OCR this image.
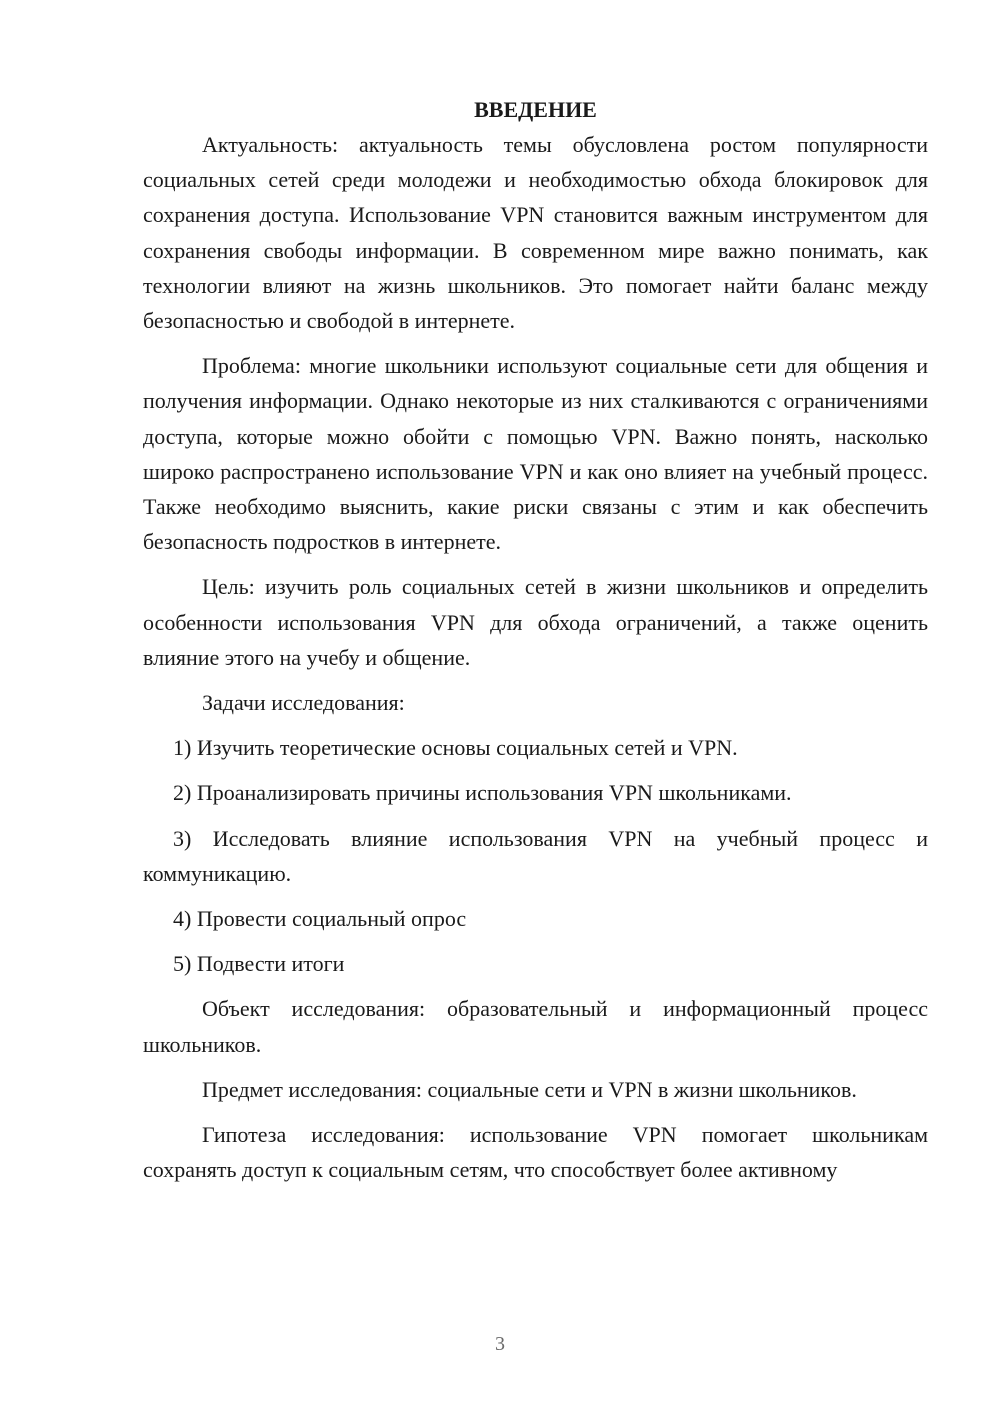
ВВЕДЕНИЕ

Актуальность: актуальность темы обусловлена ростом популярности социальных сетей среди молодежи и необходимостью обхода блокировок для сохранения доступа. Использование VPN становится важным инструментом для сохранения свободы информации. В современном мире важно понимать, как технологии влияют на жизнь школьников. Это помогает найти баланс между безопасностью и свободой в интернете.

Проблема: многие школьники используют социальные сети для общения и получения информации. Однако некоторые из них сталкиваются с ограничениями доступа, которые можно обойти с помощью VPN. Важно понять, насколько широко распространено использование VPN и как оно влияет на учебный процесс. Также необходимо выяснить, какие риски связаны с этим и как обеспечить безопасность подростков в интернете.

Цель: изучить роль социальных сетей в жизни школьников и определить особенности использования VPN для обхода ограничений, а также оценить влияние этого на учебу и общение.

Задачи исследования:

1) Изучить теоретические основы социальных сетей и VPN.

2) Проанализировать причины использования VPN школьниками.

3) Исследовать влияние использования VPN на учебный процесс и коммуникацию.

4) Провести социальный опрос

5) Подвести итоги

Объект исследования: образовательный и информационный процесс школьников.

Предмет исследования: социальные сети и VPN в жизни школьников.

Гипотеза исследования: использование VPN помогает школьникам сохранять доступ к социальным сетям, что способствует более активному

3
